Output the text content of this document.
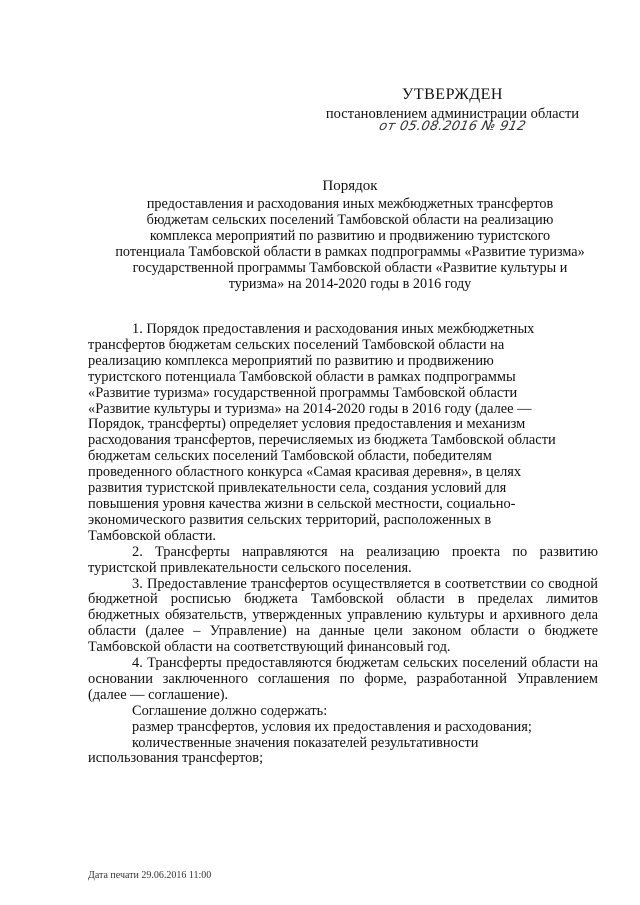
УТВЕРЖДЕН
постановлением администрации области
от 05.08.2016 № 912
Порядок
предоставления и расходования иных межбюджетных трансфертов
бюджетам сельских поселений Тамбовской области на реализацию
комплекса мероприятий по развитию и продвижению туристского
потенциала Тамбовской области в рамках подпрограммы «Развитие туризма»
государственной программы Тамбовской области «Развитие культуры и
туризма» на 2014-2020 годы в 2016 году
1. Порядок предоставления и расходования иных межбюджетных
трансфертов бюджетам сельских поселений Тамбовской области на
реализацию комплекса мероприятий по развитию и продвижению
туристского потенциала Тамбовской области в рамках подпрограммы
«Развитие туризма» государственной программы Тамбовской области
«Развитие культуры и туризма» на 2014-2020 годы в 2016 году (далее —
Порядок, трансферты) определяет условия предоставления и механизм
расходования трансфертов, перечисляемых из бюджета Тамбовской области
бюджетам сельских поселений Тамбовской области, победителям
проведенного областного конкурса «Самая красивая деревня», в целях
развития туристской привлекательности села, создания условий для
повышения уровня качества жизни в сельской местности, социально-
экономического развития сельских территорий, расположенных в
Тамбовской области.

2. Трансферты направляются на реализацию проекта по развитию туристской привлекательности сельского поселения.

3. Предоставление трансфертов осуществляется в соответствии со сводной бюджетной росписью бюджета Тамбовской области в пределах лимитов бюджетных обязательств, утвержденных управлению культуры и архивного дела области (далее – Управление) на данные цели законом области о бюджете Тамбовской области на соответствующий финансовый год.

4. Трансферты предоставляются бюджетам сельских поселений области на основании заключенного соглашения по форме, разработанной Управлением (далее — соглашение).

Соглашение должно содержать:
размер трансфертов, условия их предоставления и расходования;
количественные значения показателей результативности
использования трансфертов;
Дата печати 29.06.2016 11:00
